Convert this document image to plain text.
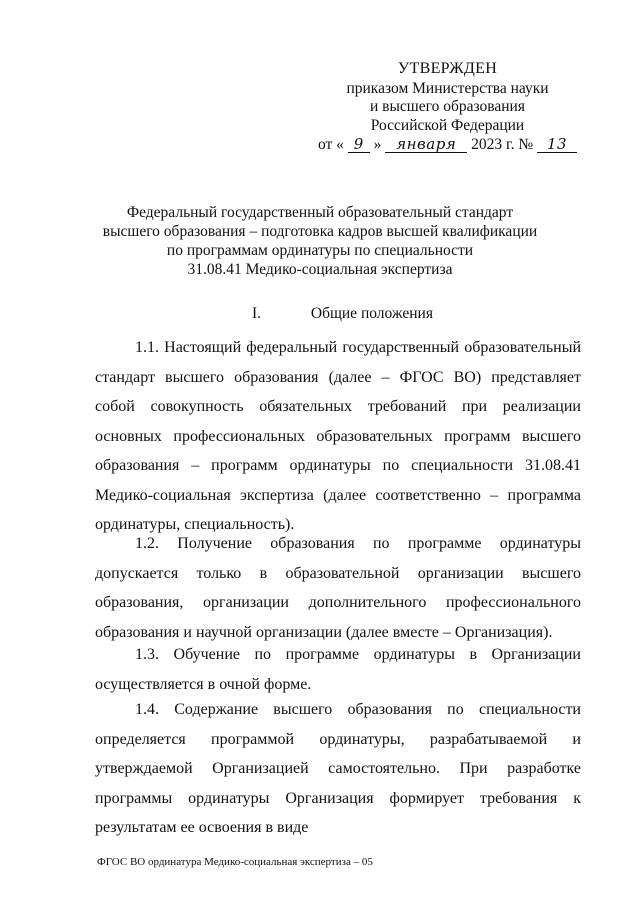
УТВЕРЖДЕН
приказом Министерства науки
и высшего образования
Российской Федерации
от « 9 » января 2023 г. № 13
Федеральный государственный образовательный стандарт
высшего образования – подготовка кадров высшей квалификации
по программам ординатуры по специальности
31.08.41 Медико-социальная экспертиза
I.	Общие положения
1.1. Настоящий федеральный государственный образовательный стандарт высшего образования (далее – ФГОС ВО) представляет собой совокупность обязательных требований при реализации основных профессиональных образовательных программ высшего образования – программ ординатуры по специальности 31.08.41 Медико-социальная экспертиза (далее соответственно – программа ординатуры, специальность).
1.2. Получение образования по программе ординатуры допускается только в образовательной организации высшего образования, организации дополнительного профессионального образования и научной организации (далее вместе – Организация).
1.3. Обучение по программе ординатуры в Организации осуществляется в очной форме.
1.4. Содержание высшего образования по специальности определяется программой ординатуры, разрабатываемой и утверждаемой Организацией самостоятельно. При разработке программы ординатуры Организация формирует требования к результатам ее освоения в виде
ФГОС ВО ординатура Медико-социальная экспертиза – 05
